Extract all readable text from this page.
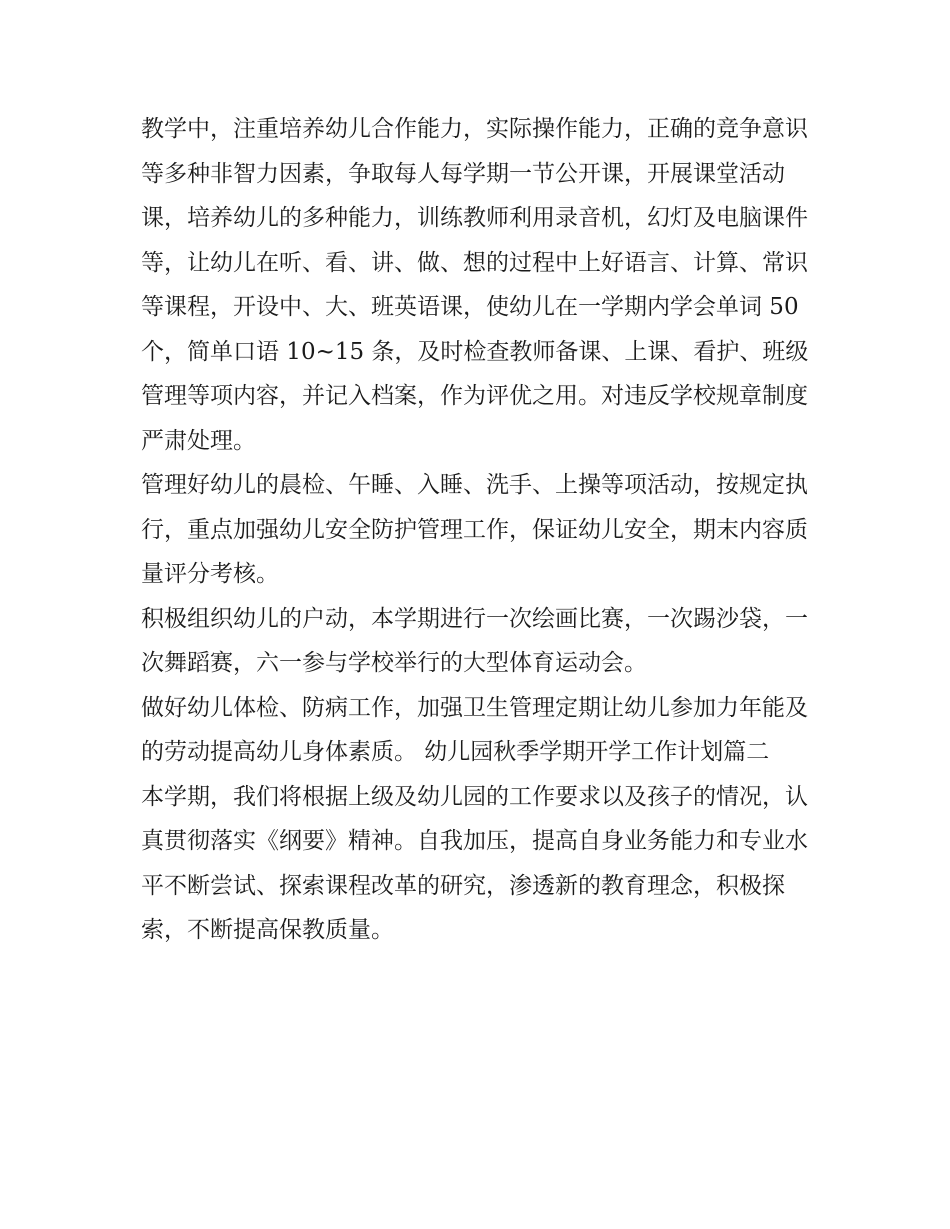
教学中，注重培养幼儿合作能力，实际操作能力，正确的竞争意识等多种非智力因素，争取每人每学期一节公开课，开展课堂活动课，培养幼儿的多种能力，训练教师利用录音机，幻灯及电脑课件等，让幼儿在听、看、讲、做、想的过程中上好语言、计算、常识等课程，开设中、大、班英语课，使幼儿在一学期内学会单词 50 个，简单口语 10~15 条，及时检查教师备课、上课、看护、班级管理等项内容，并记入档案，作为评优之用。对违反学校规章制度严肃处理。

管理好幼儿的晨检、午睡、入睡、洗手、上操等项活动，按规定执行，重点加强幼儿安全防护管理工作，保证幼儿安全，期末内容质量评分考核。

积极组织幼儿的户动，本学期进行一次绘画比赛，一次踢沙袋，一次舞蹈赛，六一参与学校举行的大型体育运动会。

做好幼儿体检、防病工作，加强卫生管理定期让幼儿参加力年能及的劳动提高幼儿身体素质。 幼儿园秋季学期开学工作计划篇二

本学期，我们将根据上级及幼儿园的工作要求以及孩子的情况，认真贯彻落实《纲要》精神。自我加压，提高自身业务能力和专业水平不断尝试、探索课程改革的研究，渗透新的教育理念，积极探索，不断提高保教质量。
